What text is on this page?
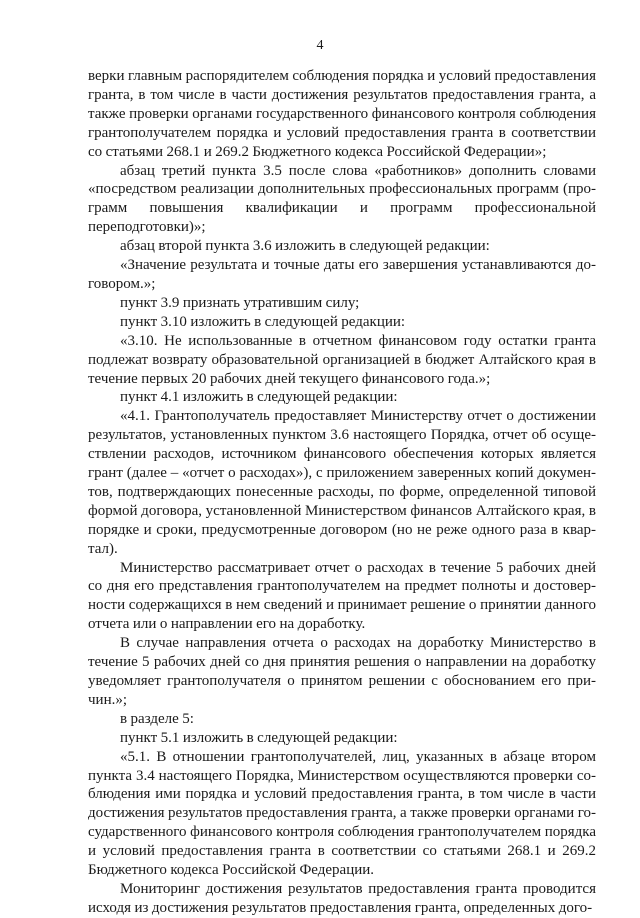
4

верки главным распорядителем соблюдения порядка и условий предоставления гранта, в том числе в части достижения результатов предоставления гранта, а также проверки органами государственного финансового контроля соблюдения грантополучателем порядка и условий предоставления гранта в соответствии со статьями 268.1 и 269.2 Бюджетного кодекса Российской Федерации»;

абзац третий пункта 3.5 после слова «работников» дополнить словами «посредством реализации дополнительных профессиональных программ (программ повышения квалификации и программ профессиональной переподготовки)»;

абзац второй пункта 3.6 изложить в следующей редакции:

«Значение результата и точные даты его завершения устанавливаются договором.»;

пункт 3.9 признать утратившим силу;

пункт 3.10 изложить в следующей редакции:

«3.10. Не использованные в отчетном финансовом году остатки гранта подлежат возврату образовательной организацией в бюджет Алтайского края в течение первых 20 рабочих дней текущего финансового года.»;

пункт 4.1 изложить в следующей редакции:

«4.1. Грантополучатель предоставляет Министерству отчет о достижении результатов, установленных пунктом 3.6 настоящего Порядка, отчет об осуществлении расходов, источником финансового обеспечения которых является грант (далее – «отчет о расходах»), с приложением заверенных копий документов, подтверждающих понесенные расходы, по форме, определенной типовой формой договора, установленной Министерством финансов Алтайского края, в порядке и сроки, предусмотренные договором (но не реже одного раза в квартал).

Министерство рассматривает отчет о расходах в течение 5 рабочих дней со дня его представления грантополучателем на предмет полноты и достоверности содержащихся в нем сведений и принимает решение о принятии данного отчета или о направлении его на доработку.

В случае направления отчета о расходах на доработку Министерство в течение 5 рабочих дней со дня принятия решения о направлении на доработку уведомляет грантополучателя о принятом решении с обоснованием его причин.»;

в разделе 5:

пункт 5.1 изложить в следующей редакции:

«5.1. В отношении грантополучателей, лиц, указанных в абзаце втором пункта 3.4 настоящего Порядка, Министерством осуществляются проверки соблюдения ими порядка и условий предоставления гранта, в том числе в части достижения результатов предоставления гранта, а также проверки органами государственного финансового контроля соблюдения грантополучателем порядка и условий предоставления гранта в соответствии со статьями 268.1 и 269.2 Бюджетного кодекса Российской Федерации.

Мониторинг достижения результатов предоставления гранта проводится исходя из достижения результатов предоставления гранта, определенных дого-
